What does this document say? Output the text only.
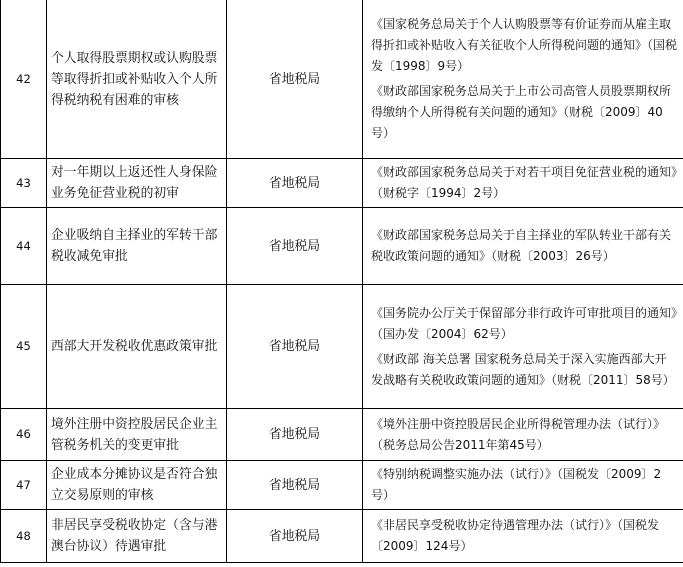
42	个人取得股票期权或认购股票等取得折扣或补贴收入个人所得税纳税有困难的审核	省地税局	《国家税务总局关于个人认购股票等有价证券而从雇主取得折扣或补贴收入有关征收个人所得税问题的通知》（国税发〔1998〕9号）
《财政部国家税务总局关于上市公司高管人员股票期权所得缴纳个人所得税有关问题的通知》（财税〔2009〕40号）

43	对一年期以上返还性人身保险业务免征营业税的初审	省地税局	《财政部国家税务总局关于对若干项目免征营业税的通知》（财税字〔1994〕2号）

44	企业吸纳自主择业的军转干部税收减免审批	省地税局	《财政部国家税务总局关于自主择业的军队转业干部有关税收政策问题的通知》（财税〔2003〕26号）

45	西部大开发税收优惠政策审批	省地税局	《国务院办公厅关于保留部分非行政许可审批项目的通知》（国办发〔2004〕62号）
《财政部 海关总署 国家税务总局关于深入实施西部大开发战略有关税收政策问题的通知》（财税〔2011〕58号）

46	境外注册中资控股居民企业主管税务机关的变更审批	省地税局	《境外注册中资控股居民企业所得税管理办法（试行）》（税务总局公告2011年第45号）

47	企业成本分摊协议是否符合独立交易原则的审核	省地税局	《特别纳税调整实施办法（试行）》（国税发〔2009〕2号）

48	非居民享受税收协定（含与港澳台协议）待遇审批	省地税局	《非居民享受税收协定待遇管理办法（试行）》（国税发〔2009〕124号）
